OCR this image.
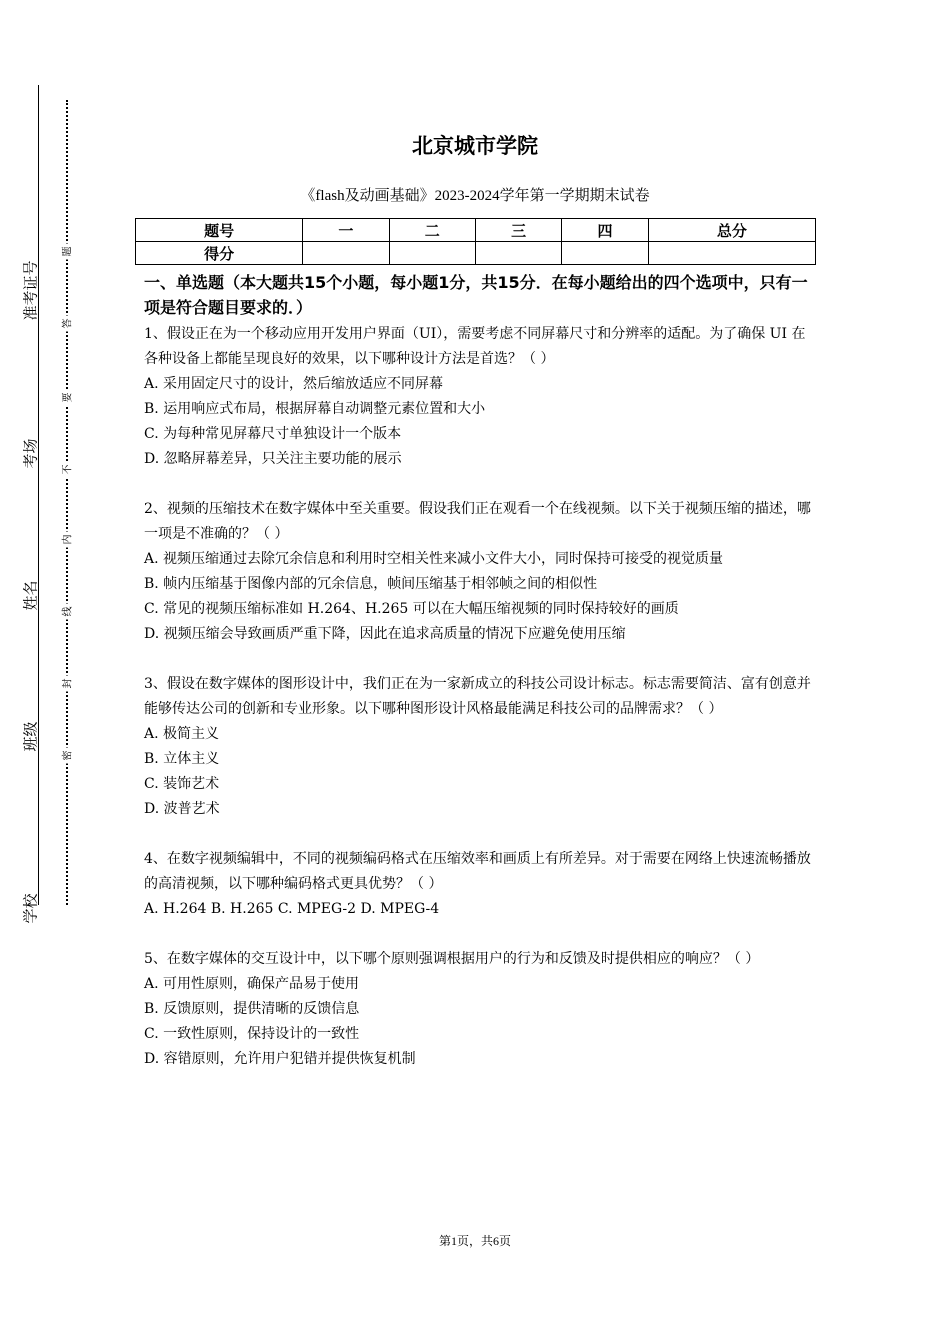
准考证号
考场
姓名
班级
学校
题
答
要
不
内
线
封
密
北京城市学院
《flash及动画基础》2023-2024学年第一学期期末试卷
题号	一	二	三	四	总分
得分					

一、单选题（本大题共15个小题，每小题1分，共15分．在每小题给出的四个选项中，只有一项是符合题目要求的．）

1、假设正在为一个移动应用开发用户界面（UI），需要考虑不同屏幕尺寸和分辨率的适配。为了确保 UI 在各种设备上都能呈现良好的效果，以下哪种设计方法是首选？（ ）

A. 采用固定尺寸的设计，然后缩放适应不同屏幕

B. 运用响应式布局，根据屏幕自动调整元素位置和大小

C. 为每种常见屏幕尺寸单独设计一个版本

D. 忽略屏幕差异，只关注主要功能的展示

2、视频的压缩技术在数字媒体中至关重要。假设我们正在观看一个在线视频。以下关于视频压缩的描述，哪一项是不准确的？（ ）

A. 视频压缩通过去除冗余信息和利用时空相关性来减小文件大小，同时保持可接受的视觉质量

B. 帧内压缩基于图像内部的冗余信息，帧间压缩基于相邻帧之间的相似性

C. 常见的视频压缩标准如 H.264、H.265 可以在大幅压缩视频的同时保持较好的画质

D. 视频压缩会导致画质严重下降，因此在追求高质量的情况下应避免使用压缩

3、假设在数字媒体的图形设计中，我们正在为一家新成立的科技公司设计标志。标志需要简洁、富有创意并能够传达公司的创新和专业形象。以下哪种图形设计风格最能满足科技公司的品牌需求？（ ）

A. 极简主义

B. 立体主义

C. 装饰艺术

D. 波普艺术

4、在数字视频编辑中，不同的视频编码格式在压缩效率和画质上有所差异。对于需要在网络上快速流畅播放的高清视频，以下哪种编码格式更具优势？（ ）

A. H.264 B. H.265 C. MPEG-2 D. MPEG-4

5、在数字媒体的交互设计中，以下哪个原则强调根据用户的行为和反馈及时提供相应的响应？（ ）

A. 可用性原则，确保产品易于使用

B. 反馈原则，提供清晰的反馈信息

C. 一致性原则，保持设计的一致性

D. 容错原则，允许用户犯错并提供恢复机制

第1页，共6页
